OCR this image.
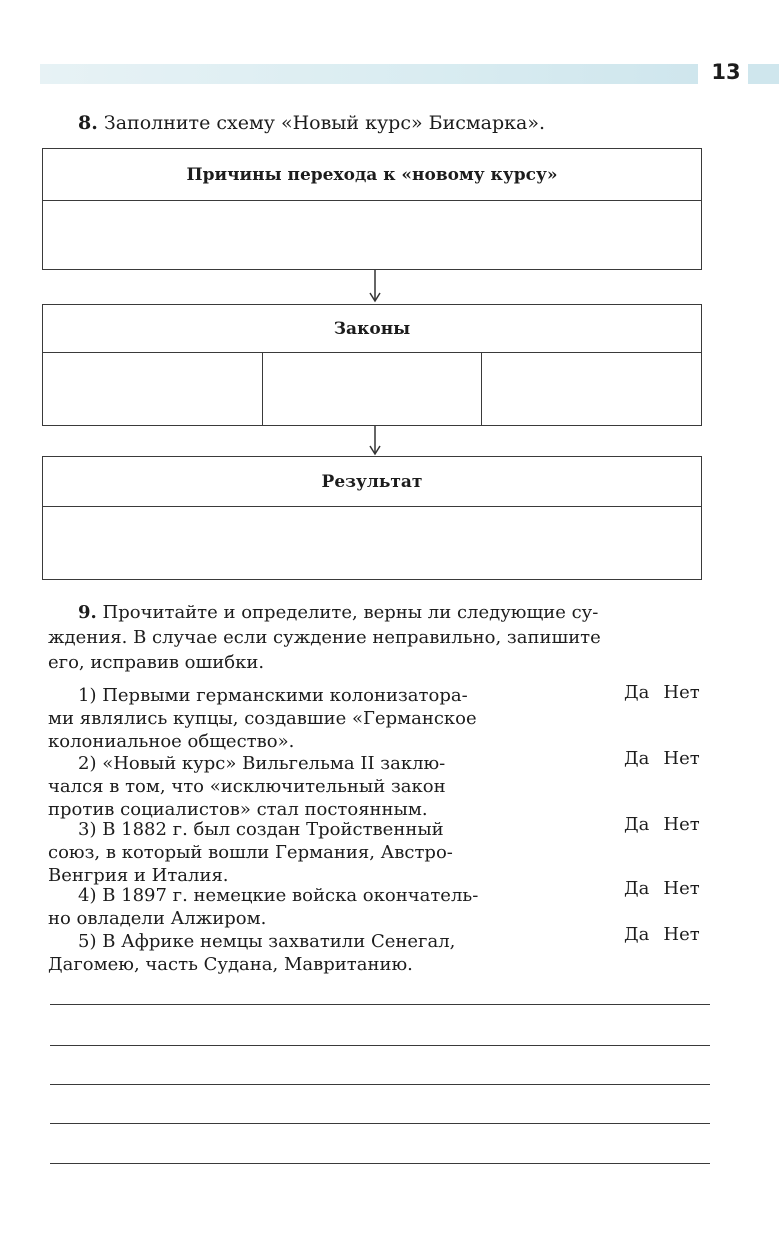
13
8. Заполните схему «Новый курс» Бисмарка».
Причины перехода к «новому курсу»
Законы
Результат
9. Прочитайте и определите, верны ли следующие су-
ждения. В случае если суждение неправильно, запишите
его, исправив ошибки.
1) Первыми германскими колонизатора-
ми являлись купцы, создавшие «Германское
колониальное общество».
Да Нет
2) «Новый курс» Вильгельма II заклю-
чался в том, что «исключительный закон
против социалистов» стал постоянным.
Да Нет
3) В 1882 г. был создан Тройственный
союз, в который вошли Германия, Австро-
Венгрия и Италия.
Да Нет
4) В 1897 г. немецкие войска окончатель-
но овладели Алжиром.
Да Нет
5) В Африке немцы захватили Сенегал,
Дагомею, часть Судана, Мавританию.
Да Нет
